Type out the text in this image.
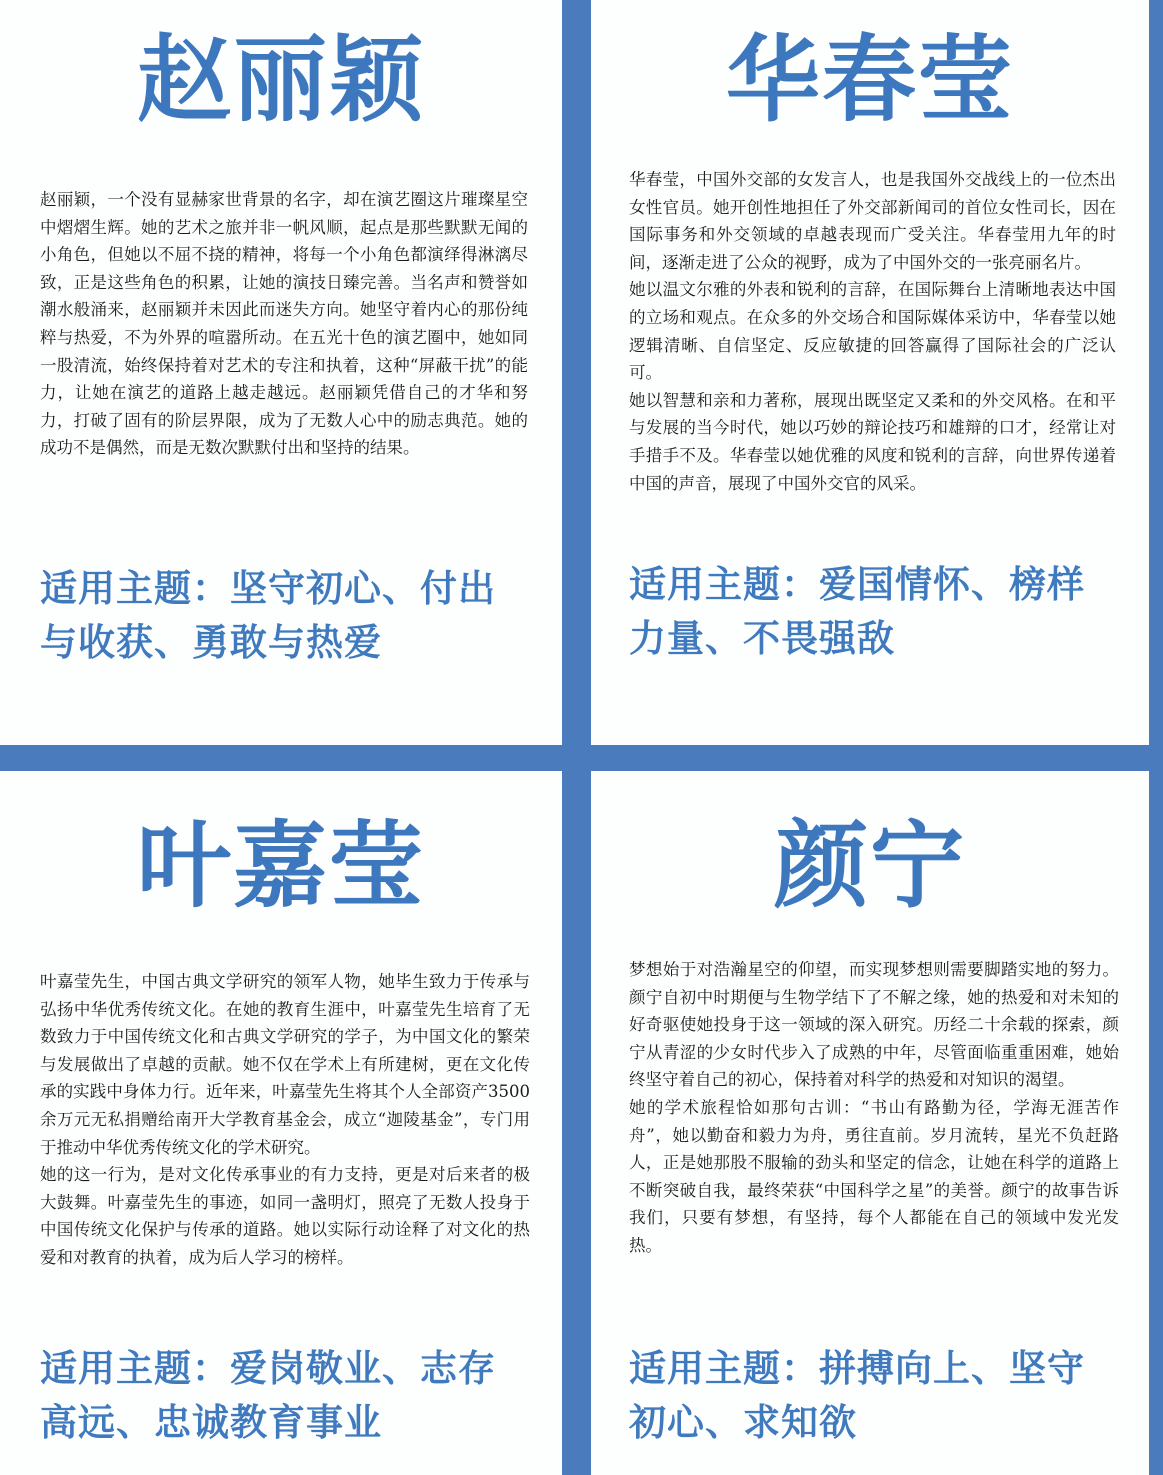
赵丽颖

赵丽颖，一个没有显赫家世背景的名字，却在演艺圈这片璀璨星空中熠熠生辉。她的艺术之旅并非一帆风顺，起点是那些默默无闻的小角色，但她以不屈不挠的精神，将每一个小角色都演绎得淋漓尽致，正是这些角色的积累，让她的演技日臻完善。当名声和赞誉如潮水般涌来，赵丽颖并未因此而迷失方向。她坚守着内心的那份纯粹与热爱，不为外界的喧嚣所动。在五光十色的演艺圈中，她如同一股清流，始终保持着对艺术的专注和执着，这种“屏蔽干扰”的能力，让她在演艺的道路上越走越远。赵丽颖凭借自己的才华和努力，打破了固有的阶层界限，成为了无数人心中的励志典范。她的成功不是偶然，而是无数次默默付出和坚持的结果。

适用主题：坚守初心、付出与收获、勇敢与热爱
华春莹

华春莹，中国外交部的女发言人，也是我国外交战线上的一位杰出女性官员。她开创性地担任了外交部新闻司的首位女性司长，因在国际事务和外交领域的卓越表现而广受关注。华春莹用九年的时间，逐渐走进了公众的视野，成为了中国外交的一张亮丽名片。

她以温文尔雅的外表和锐利的言辞，在国际舞台上清晰地表达中国的立场和观点。在众多的外交场合和国际媒体采访中，华春莹以她逻辑清晰、自信坚定、反应敏捷的回答赢得了国际社会的广泛认可。

她以智慧和亲和力著称，展现出既坚定又柔和的外交风格。在和平与发展的当今时代，她以巧妙的辩论技巧和雄辩的口才，经常让对手措手不及。华春莹以她优雅的风度和锐利的言辞，向世界传递着中国的声音，展现了中国外交官的风采。

适用主题：爱国情怀、榜样力量、不畏强敌
叶嘉莹

叶嘉莹先生，中国古典文学研究的领军人物，她毕生致力于传承与弘扬中华优秀传统文化。在她的教育生涯中，叶嘉莹先生培育了无数致力于中国传统文化和古典文学研究的学子，为中国文化的繁荣与发展做出了卓越的贡献。她不仅在学术上有所建树，更在文化传承的实践中身体力行。近年来，叶嘉莹先生将其个人全部资产3500余万元无私捐赠给南开大学教育基金会，成立“迦陵基金”，专门用于推动中华优秀传统文化的学术研究。

她的这一行为，是对文化传承事业的有力支持，更是对后来者的极大鼓舞。叶嘉莹先生的事迹，如同一盏明灯，照亮了无数人投身于中国传统文化保护与传承的道路。她以实际行动诠释了对文化的热爱和对教育的执着，成为后人学习的榜样。

适用主题：爱岗敬业、志存高远、忠诚教育事业
颜宁

梦想始于对浩瀚星空的仰望，而实现梦想则需要脚踏实地的努力。颜宁自初中时期便与生物学结下了不解之缘，她的热爱和对未知的好奇驱使她投身于这一领域的深入研究。历经二十余载的探索，颜宁从青涩的少女时代步入了成熟的中年，尽管面临重重困难，她始终坚守着自己的初心，保持着对科学的热爱和对知识的渴望。

她的学术旅程恰如那句古训：“书山有路勤为径，学海无涯苦作舟”，她以勤奋和毅力为舟，勇往直前。岁月流转，星光不负赶路人，正是她那股不服输的劲头和坚定的信念，让她在科学的道路上不断突破自我，最终荣获“中国科学之星”的美誉。颜宁的故事告诉我们，只要有梦想，有坚持，每个人都能在自己的领域中发光发热。

适用主题：拼搏向上、坚守初心、求知欲
